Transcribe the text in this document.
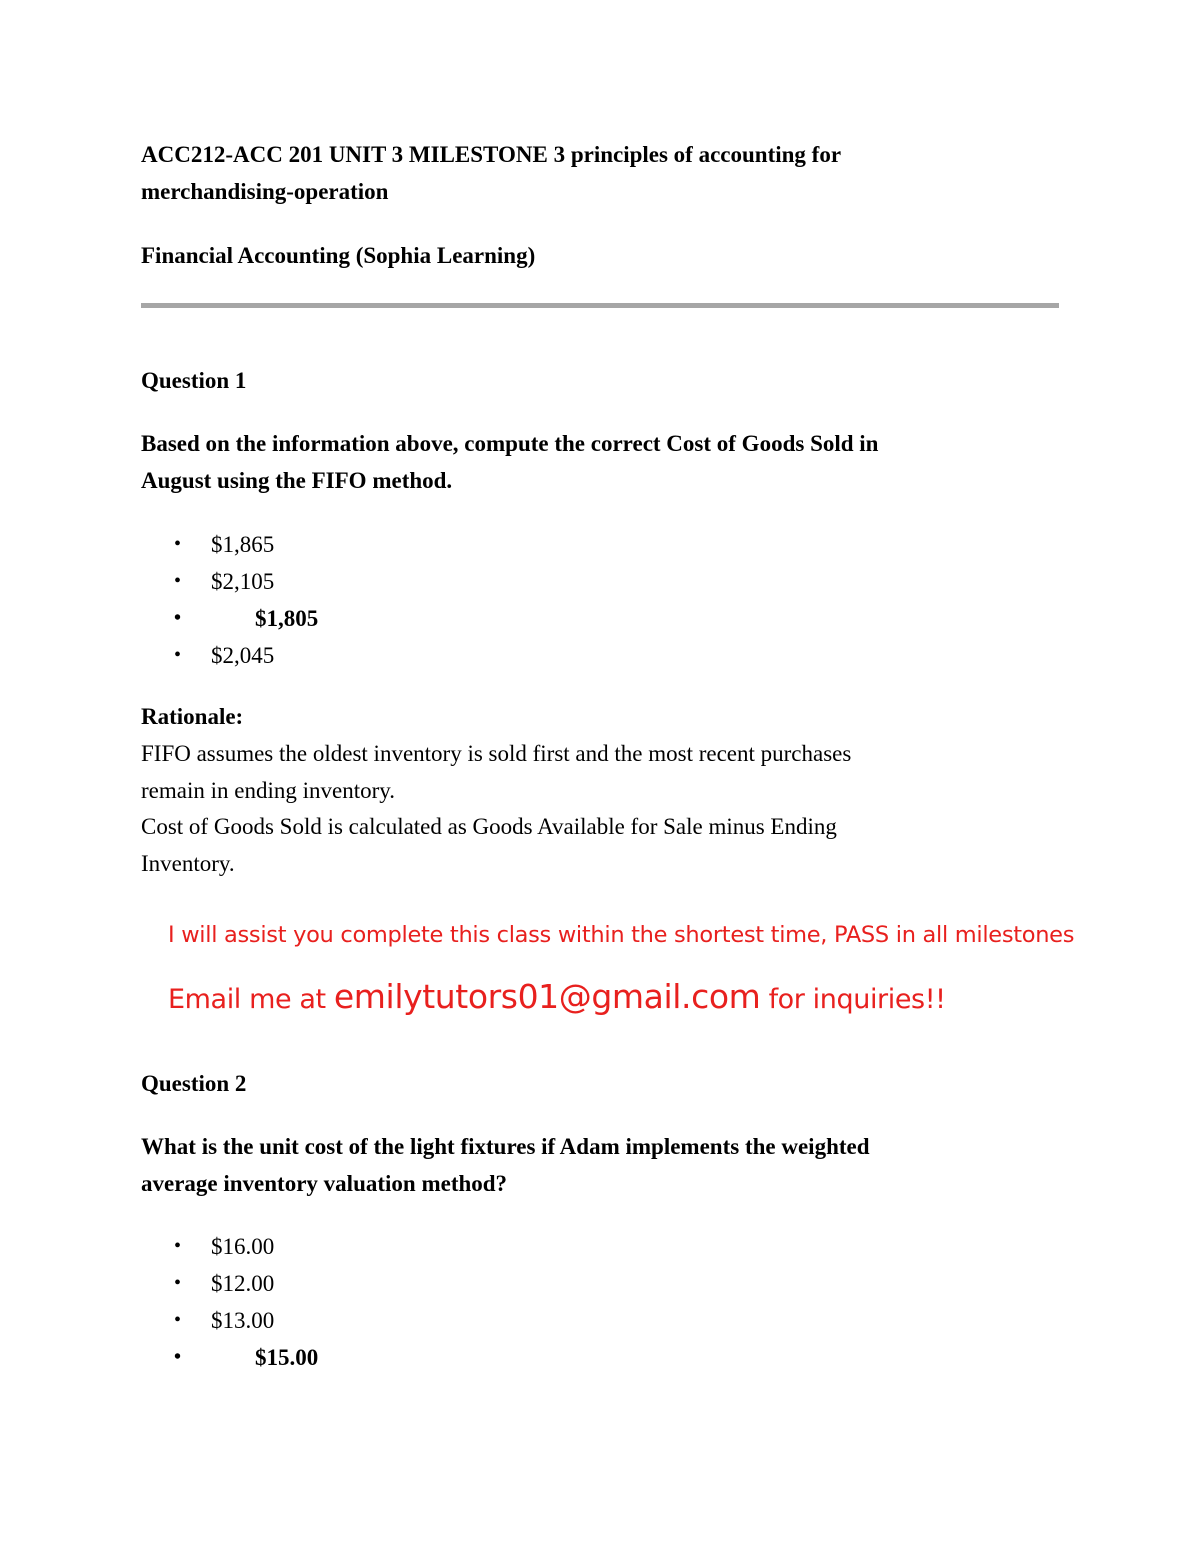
ACC212-ACC 201 UNIT 3 MILESTONE 3 principles of accounting for
merchandising-operation
Financial Accounting (Sophia Learning)
Question 1
Based on the information above, compute the correct Cost of Goods Sold in
August using the FIFO method.
• $1,865
• $2,105
•	$1,805
• $2,045
Rationale:
FIFO assumes the oldest inventory is sold first and the most recent purchases
remain in ending inventory.
Cost of Goods Sold is calculated as Goods Available for Sale minus Ending
Inventory.
I will assist you complete this class within the shortest time, PASS in all milestones
Email me at emilytutors01@gmail.com for inquiries!!
Question 2
What is the unit cost of the light fixtures if Adam implements the weighted
average inventory valuation method?
• $16.00
• $12.00
• $13.00
•	$15.00
